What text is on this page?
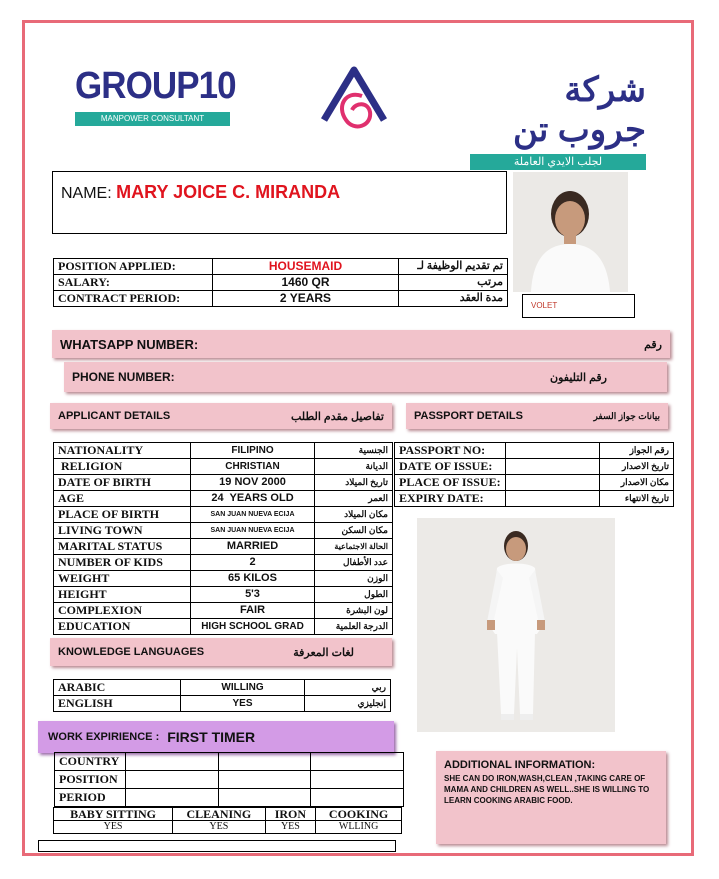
GROUP10
MANPOWER CONSULTANT
شركة جروب تن
لجلب الايدي العاملة
NAME: MARY JOICE C. MIRANDA
POSITION APPLIED:	HOUSEMAID	تم تقديم الوظيفة لـ
SALARY:	1460 QR	مرتب
CONTRACT PERIOD:	2 YEARS	مدة العقد
VOLET
WHATSAPP NUMBER:	رقم
PHONE NUMBER:	رقم التليفون
APPLICANT DETAILS	تفاصيل مقدم الطلب	PASSPORT DETAILS	بيانات جواز السفر
NATIONALITY	FILIPINO	الجنسية
RELIGION	CHRISTIAN	الديانة
DATE OF BIRTH	19 NOV 2000	تاريخ الميلاد
AGE	24  YEARS OLD	العمر
PLACE OF BIRTH	SAN JUAN NUEVA ECIJA	مكان الميلاد
LIVING TOWN	SAN JUAN NUEVA ECIJA	مكان السكن
MARITAL STATUS	MARRIED	الحالة الاجتماعية
NUMBER OF KIDS	2	عدد الأطفال
WEIGHT	65 KILOS	الوزن
HEIGHT	5'3	الطول
COMPLEXION	FAIR	لون البشرة
EDUCATION	HIGH SCHOOL GRAD	الدرجة العلمية
PASSPORT NO:		رقم الجواز
DATE OF ISSUE:		تاريخ الاصدار
PLACE OF ISSUE:		مكان الاصدار
EXPIRY DATE:		تاريخ الانتهاء
KNOWLEDGE LANGUAGES	لغات المعرفة
ARABIC	WILLING	ربي
ENGLISH	YES	إنجليزي
WORK EXPIRIENCE : FIRST TIMER
COUNTRY			
POSITION			
PERIOD			
BABY SITTING	CLEANING	IRON	COOKING
YES	YES	YES	WLLING
ADDITIONAL INFORMATION:
SHE CAN DO IRON,WASH,CLEAN ,TAKING CARE OF MAMA AND CHILDREN AS WELL..SHE IS WILLING TO LEARN COOKING ARABIC FOOD.
